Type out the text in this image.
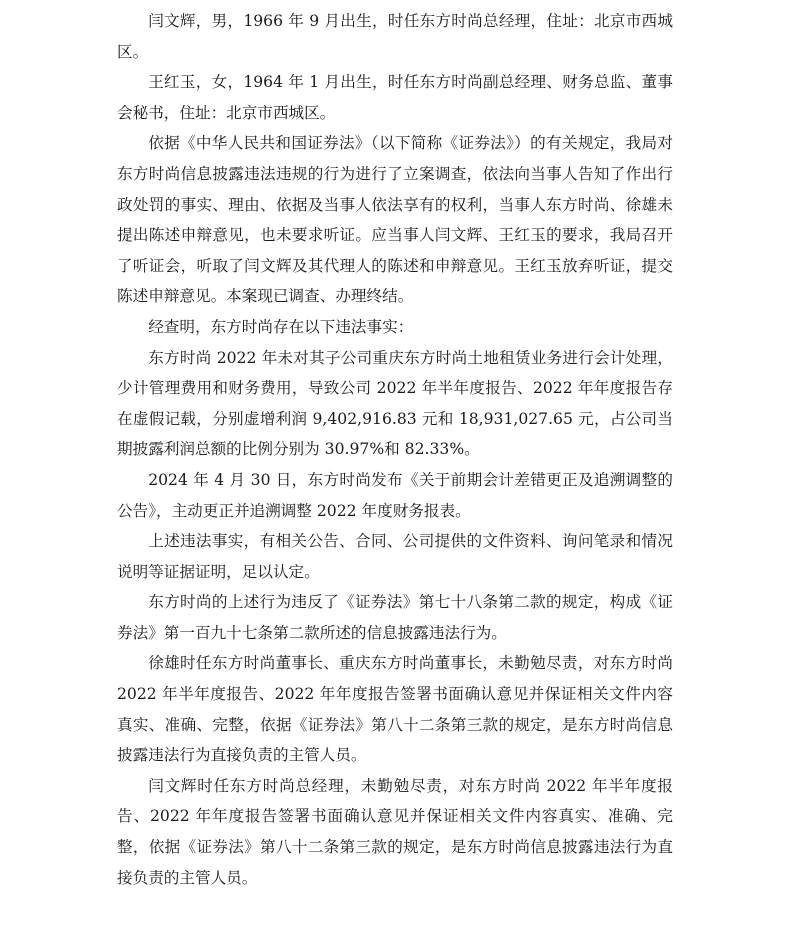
闫文辉，男，1966 年 9 月出生，时任东方时尚总经理，住址：北京市西城区。

王红玉，女，1964 年 1 月出生，时任东方时尚副总经理、财务总监、董事会秘书，住址：北京市西城区。

依据《中华人民共和国证券法》（以下简称《证券法》）的有关规定，我局对东方时尚信息披露违法违规的行为进行了立案调查，依法向当事人告知了作出行政处罚的事实、理由、依据及当事人依法享有的权利，当事人东方时尚、徐雄未提出陈述申辩意见，也未要求听证。应当事人闫文辉、王红玉的要求，我局召开了听证会，听取了闫文辉及其代理人的陈述和申辩意见。王红玉放弃听证，提交陈述申辩意见。本案现已调查、办理终结。

经查明，东方时尚存在以下违法事实：

东方时尚 2022 年未对其子公司重庆东方时尚土地租赁业务进行会计处理，少计管理费用和财务费用，导致公司 2022 年半年度报告、2022 年年度报告存在虚假记载，分别虚增利润 9,402,916.83 元和 18,931,027.65 元，占公司当期披露利润总额的比例分别为 30.97%和 82.33%。

2024 年 4 月 30 日，东方时尚发布《关于前期会计差错更正及追溯调整的公告》，主动更正并追溯调整 2022 年度财务报表。

上述违法事实，有相关公告、合同、公司提供的文件资料、询问笔录和情况说明等证据证明，足以认定。

东方时尚的上述行为违反了《证券法》第七十八条第二款的规定，构成《证券法》第一百九十七条第二款所述的信息披露违法行为。

徐雄时任东方时尚董事长、重庆东方时尚董事长，未勤勉尽责，对东方时尚 2022 年半年度报告、2022 年年度报告签署书面确认意见并保证相关文件内容真实、准确、完整，依据《证券法》第八十二条第三款的规定，是东方时尚信息披露违法行为直接负责的主管人员。

闫文辉时任东方时尚总经理，未勤勉尽责，对东方时尚 2022 年半年度报告、2022 年年度报告签署书面确认意见并保证相关文件内容真实、准确、完整，依据《证券法》第八十二条第三款的规定，是东方时尚信息披露违法行为直接负责的主管人员。
